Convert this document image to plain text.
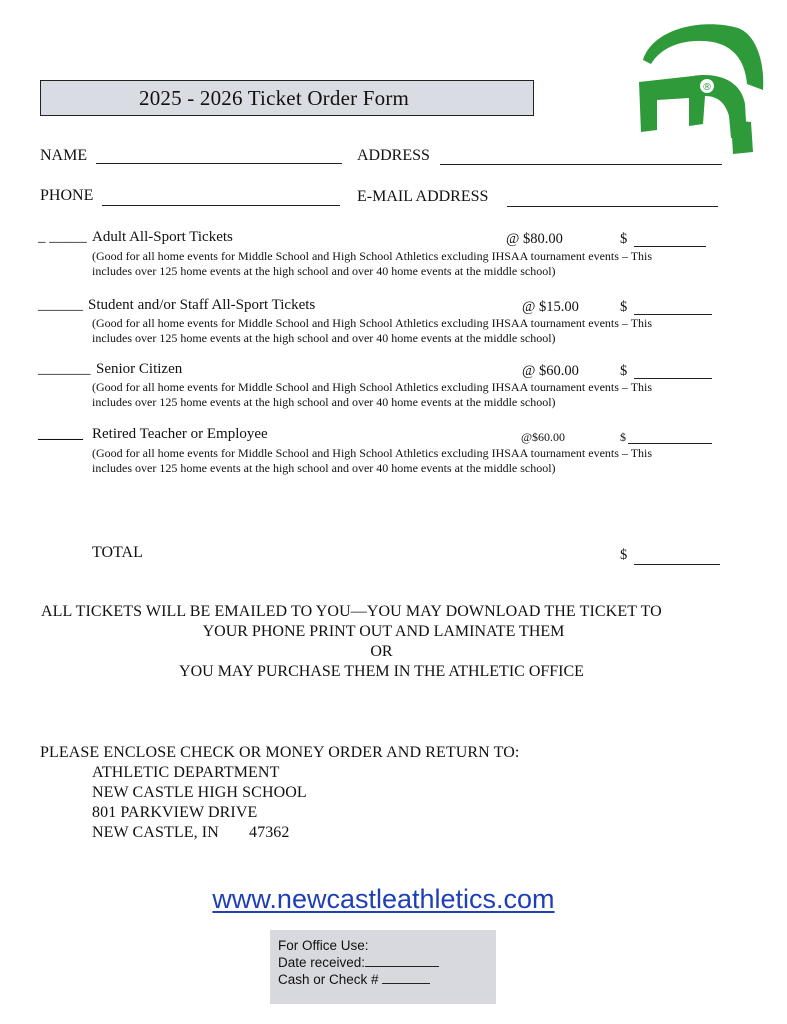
2025 - 2026 Ticket Order Form	®
NAME	ADDRESS
PHONE	E-MAIL ADDRESS
_ _____ Adult All-Sport Tickets	@ $80.00	$
(Good for all home events for Middle School and High School Athletics excluding IHSAA tournament events – This
includes over 125 home events at the high school and over 40 home events at the middle school)
______ Student and/or Staff All-Sport Tickets	@ $15.00	$
(Good for all home events for Middle School and High School Athletics excluding IHSAA tournament events – This
includes over 125 home events at the high school and over 40 home events at the middle school)
_______ Senior Citizen	@ $60.00	$
(Good for all home events for Middle School and High School Athletics excluding IHSAA tournament events – This
includes over 125 home events at the high school and over 40 home events at the middle school)
______ Retired Teacher or Employee	@$60.00	$
(Good for all home events for Middle School and High School Athletics excluding IHSAA tournament events – This
includes over 125 home events at the high school and over 40 home events at the middle school)
TOTAL	$
ALL TICKETS WILL BE EMAILED TO YOU—YOU MAY DOWNLOAD THE TICKET TO
YOUR PHONE PRINT OUT AND LAMINATE THEM
OR
YOU MAY PURCHASE THEM IN THE ATHLETIC OFFICE
PLEASE ENCLOSE CHECK OR MONEY ORDER AND RETURN TO:
ATHLETIC DEPARTMENT
NEW CASTLE HIGH SCHOOL
801 PARKVIEW DRIVE
NEW CASTLE, IN 47362
www.newcastleathletics.com
For Office Use:
Date received:
Cash or Check #
